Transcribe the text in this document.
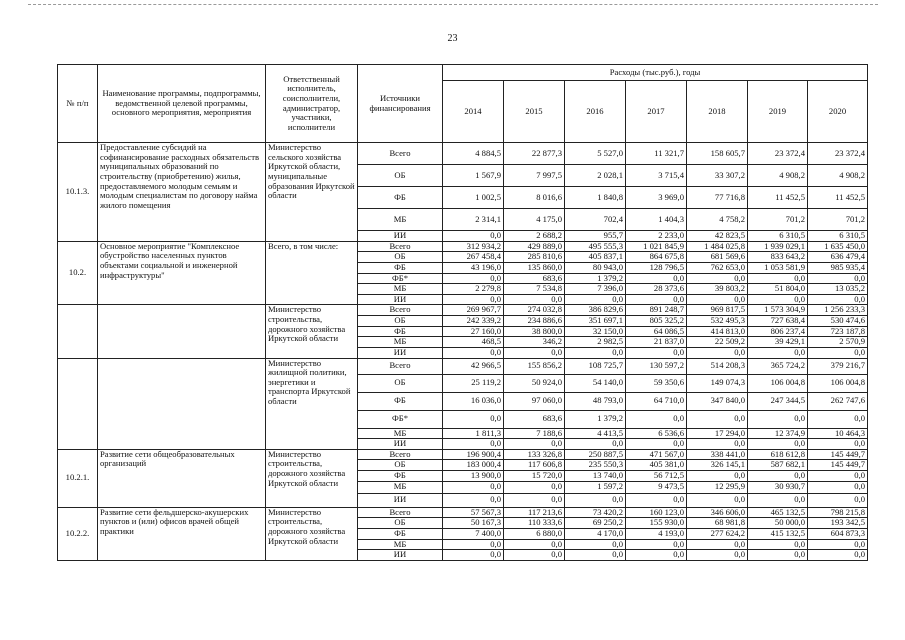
23
№ п/п	Наименование программы, подпрограммы, ведомственной целевой программы, основного мероприятия, мероприятия	Ответственный исполнитель, соисполнители, администратор, участники, исполнители	Источники финансирования	Расходы (тыс.руб.), годы						
				2014	2015	2016	2017	2018	2019	2020
10.1.3.	Предоставление субсидий на софинансирование расходных обязательств муниципальных образований по строительству (приобретению) жилья, предоставляемого молодым семьям и молодым специалистам по договору найма жилого помещения	Министерство сельского хозяйства Иркутской области, муниципальные образования Иркутской области	Всего	4 884,5	22 877,3	5 527,0	11 321,7	158 605,7	23 372,4	23 372,4
			ОБ	1 567,9	7 997,5	2 028,1	3 715,4	33 307,2	4 908,2	4 908,2
			ФБ	1 002,5	8 016,6	1 840,8	3 969,0	77 716,8	11 452,5	11 452,5
			МБ	2 314,1	4 175,0	702,4	1 404,3	4 758,2	701,2	701,2
			ИИ	0,0	2 688,2	955,7	2 233,0	42 823,5	6 310,5	6 310,5
10.2.	Основное мероприятие "Комплексное обустройство населенных пунктов объектами социальной и инженерной инфраструктуры"	Всего, в том числе:	Всего	312 934,2	429 889,0	495 555,3	1 021 845,9	1 484 025,8	1 939 029,1	1 635 450,0
			ОБ	267 458,4	285 810,6	405 837,1	864 675,8	681 569,6	833 643,2	636 479,4
			ФБ	43 196,0	135 860,0	80 943,0	128 796,5	762 653,0	1 053 581,9	985 935,4
			ФБ*	0,0	683,6	1 379,2	0,0	0,0	0,0	0,0
			МБ	2 279,8	7 534,8	7 396,0	28 373,6	39 803,2	51 804,0	13 035,2
			ИИ	0,0	0,0	0,0	0,0	0,0	0,0	0,0
		Министерство строительства, дорожного хозяйства Иркутской области	Всего	269 967,7	274 032,8	386 829,6	891 248,7	969 817,5	1 573 304,9	1 256 233,3
			ОБ	242 339,2	234 886,6	351 697,1	805 325,2	532 495,3	727 638,4	530 474,6
			ФБ	27 160,0	38 800,0	32 150,0	64 086,5	414 813,0	806 237,4	723 187,8
			МБ	468,5	346,2	2 982,5	21 837,0	22 509,2	39 429,1	2 570,9
			ИИ	0,0	0,0	0,0	0,0	0,0	0,0	0,0
		Министерство жилищной политики, энергетики и транспорта Иркутской области	Всего	42 966,5	155 856,2	108 725,7	130 597,2	514 208,3	365 724,2	379 216,7
			ОБ	25 119,2	50 924,0	54 140,0	59 350,6	149 074,3	106 004,8	106 004,8
			ФБ	16 036,0	97 060,0	48 793,0	64 710,0	347 840,0	247 344,5	262 747,6
			ФБ*	0,0	683,6	1 379,2	0,0	0,0	0,0	0,0
			МБ	1 811,3	7 188,6	4 413,5	6 536,6	17 294,0	12 374,9	10 464,3
			ИИ	0,0	0,0	0,0	0,0	0,0	0,0	0,0
10.2.1.	Развитие сети общеобразовательных организаций	Министерство строительства, дорожного хозяйства Иркутской области	Всего	196 900,4	133 326,8	250 887,5	471 567,0	338 441,0	618 612,8	145 449,7
			ОБ	183 000,4	117 606,8	235 550,3	405 381,0	326 145,1	587 682,1	145 449,7
			ФБ	13 900,0	15 720,0	13 740,0	56 712,5	0,0	0,0	0,0
			МБ	0,0	0,0	1 597,2	9 473,5	12 295,9	30 930,7	0,0
			ИИ	0,0	0,0	0,0	0,0	0,0	0,0	0,0
10.2.2.	Развитие сети фельдшерско-акушерских пунктов и (или) офисов врачей общей практики	Министерство строительства, дорожного хозяйства Иркутской области	Всего	57 567,3	117 213,6	73 420,2	160 123,0	346 606,0	465 132,5	798 215,8
			ОБ	50 167,3	110 333,6	69 250,2	155 930,0	68 981,8	50 000,0	193 342,5
			ФБ	7 400,0	6 880,0	4 170,0	4 193,0	277 624,2	415 132,5	604 873,3
			МБ	0,0	0,0	0,0	0,0	0,0	0,0	0,0
			ИИ	0,0	0,0	0,0	0,0	0,0	0,0	0,0
